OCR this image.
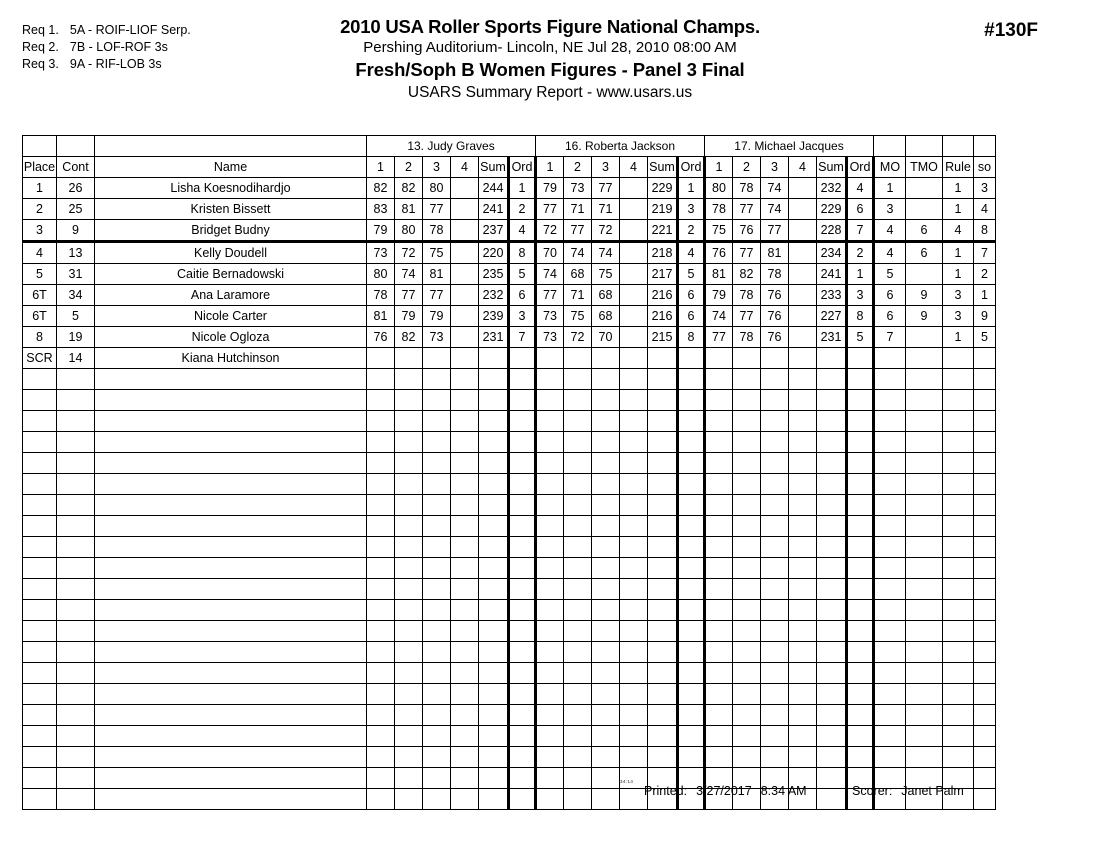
Req 1. 5A - ROIF-LIOF Serp.
Req 2. 7B - LOF-ROF 3s
Req 3. 9A - RIF-LOB 3s
2010 USA Roller Sports Figure National Champs.
Pershing Auditorium- Lincoln, NE Jul 28, 2010 08:00 AM
Fresh/Soph B Women Figures - Panel 3 Final
USARS Summary Report - www.usars.us
#130F
			13. Judy Graves						16. Roberta Jackson						17. Michael Jacques									
Place	Cont	Name	1	2	3	4	Sum	Ord	1	2	3	4	Sum	Ord	1	2	3	4	Sum	Ord	MO	TMO	Rule	so
1	26	Lisha Koesnodihardjo	82	82	80		244	1	79	73	77		229	1	80	78	74		232	4	1		1	3
2	25	Kristen Bissett	83	81	77		241	2	77	71	71		219	3	78	77	74		229	6	3		1	4
3	9	Bridget Budny	79	80	78		237	4	72	77	72		221	2	75	76	77		228	7	4	6	4	8
4	13	Kelly Doudell	73	72	75		220	8	70	74	74		218	4	76	77	81		234	2	4	6	1	7
5	31	Caitie Bernadowski	80	74	81		235	5	74	68	75		217	5	81	82	78		241	1	5		1	2
6T	34	Ana Laramore	78	77	77		232	6	77	71	68		216	6	79	78	76		233	3	6	9	3	1
6T	5	Nicole Carter	81	79	79		239	3	73	75	68		216	6	74	77	76		227	8	6	9	3	9
8	19	Nicole Ogloza	76	82	73		231	7	73	72	70		215	8	77	78	76		231	5	7		1	5
SCR	14	Kiana Hutchinson																						

34:14
Printed: 3/27/2017 8:34 AM	Scorer: Janet Palm
